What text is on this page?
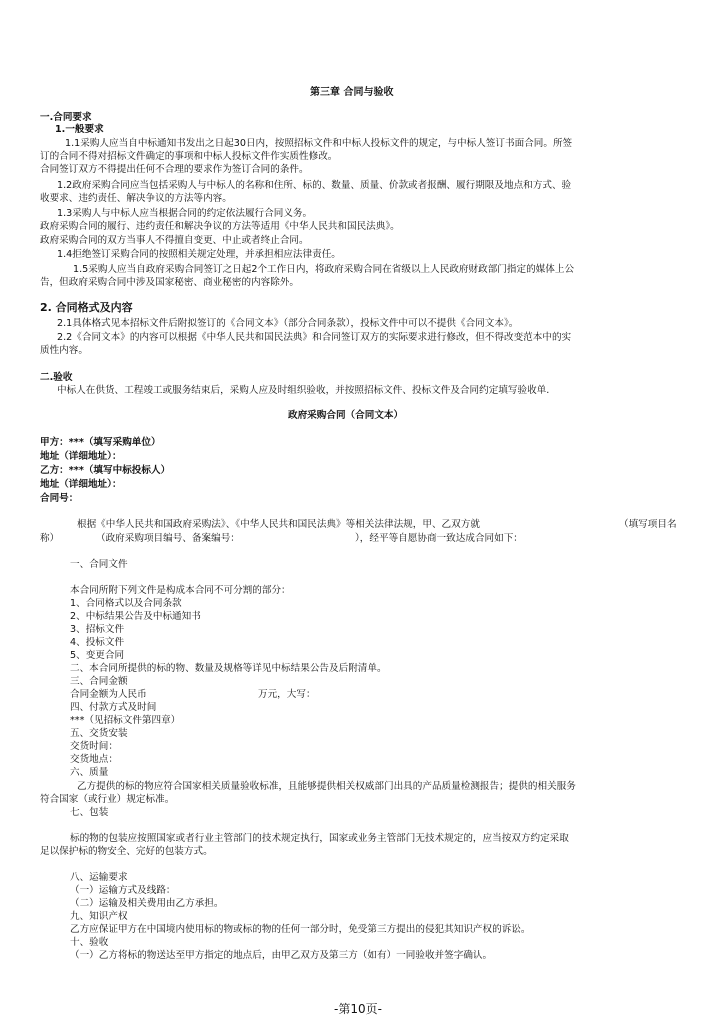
第三章 合同与验收
一.合同要求
1.一般要求
1.1采购人应当自中标通知书发出之日起30日内，按照招标文件和中标人投标文件的规定，与中标人签订书面合同。所签
订的合同不得对招标文件确定的事项和中标人投标文件作实质性修改。
合同签订双方不得提出任何不合理的要求作为签订合同的条件。
1.2政府采购合同应当包括采购人与中标人的名称和住所、标的、数量、质量、价款或者报酬、履行期限及地点和方式、验
收要求、违约责任、解决争议的方法等内容。
1.3采购人与中标人应当根据合同的约定依法履行合同义务。
政府采购合同的履行、违约责任和解决争议的方法等适用《中华人民共和国民法典》。
政府采购合同的双方当事人不得擅自变更、中止或者终止合同。
1.4拒绝签订采购合同的按照相关规定处理，并承担相应法律责任。
1.5采购人应当自政府采购合同签订之日起2个工作日内，将政府采购合同在省级以上人民政府财政部门指定的媒体上公
告，但政府采购合同中涉及国家秘密、商业秘密的内容除外。
2. 合同格式及内容
2.1具体格式见本招标文件后附拟签订的《合同文本》（部分合同条款），投标文件中可以不提供《合同文本》。
2.2《合同文本》的内容可以根据《中华人民共和国民法典》和合同签订双方的实际要求进行修改，但不得改变范本中的实
质性内容。
二.验收
中标人在供货、工程竣工或服务结束后，采购人应及时组织验收，并按照招标文件、投标文件及合同约定填写验收单.
政府采购合同（合同文本）
甲方：***（填写采购单位）
地址（详细地址）：
乙方：***（填写中标投标人）
地址（详细地址）：
合同号：
根据《中华人民共和国政府采购法》、《中华人民共和国民法典》等相关法律法规，甲、乙双方就	（填写项目名
称）	（政府采购项目编号、备案编号：	），经平等自愿协商一致达成合同如下：
一、合同文件
本合同所附下列文件是构成本合同不可分割的部分：
1、合同格式以及合同条款
2、中标结果公告及中标通知书
3、招标文件
4、投标文件
5、变更合同
二、本合同所提供的标的物、数量及规格等详见中标结果公告及后附清单。
三、合同金额
合同金额为人民币	万元，大写：
四、付款方式及时间
***（见招标文件第四章）
五、交货安装
交货时间：
交货地点：
六、质量
乙方提供的标的物应符合国家相关质量验收标准，且能够提供相关权威部门出具的产品质量检测报告；提供的相关服务
符合国家（或行业）规定标准。
七、包装
标的物的包装应按照国家或者行业主管部门的技术规定执行，国家或业务主管部门无技术规定的，应当按双方约定采取
足以保护标的物安全、完好的包装方式。
八、运输要求
（一）运输方式及线路：
（二）运输及相关费用由乙方承担。
九、知识产权
乙方应保证甲方在中国境内使用标的物或标的物的任何一部分时，免受第三方提出的侵犯其知识产权的诉讼。
十、验收
（一）乙方将标的物送达至甲方指定的地点后，由甲乙双方及第三方（如有）一同验收并签字确认。
-第10页-
